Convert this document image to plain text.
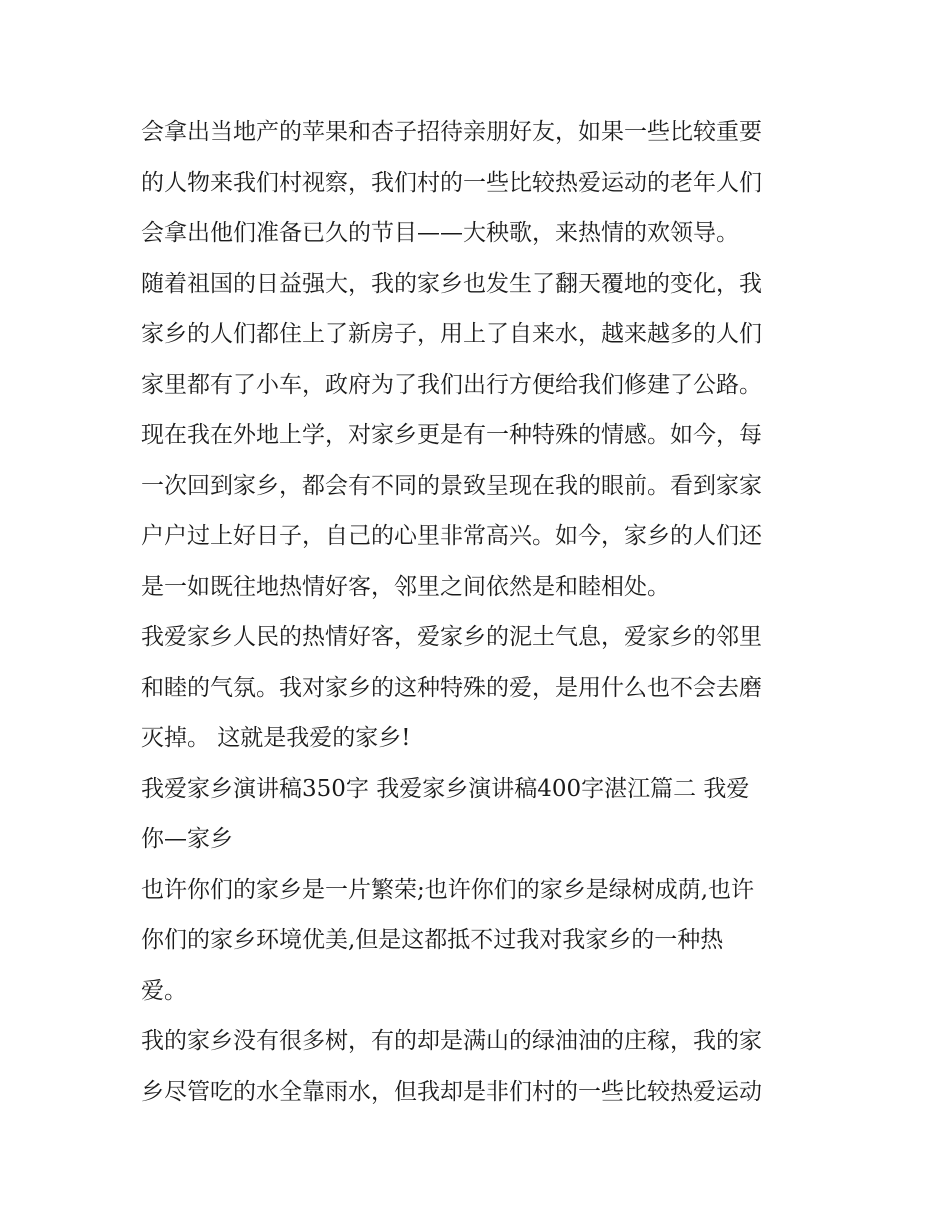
会拿出当地产的苹果和杏子招待亲朋好友，如果一些比较重要
的人物来我们村视察，我们村的一些比较热爱运动的老年人们
会拿出他们准备已久的节目——大秧歌，来热情的欢领导。
随着祖国的日益强大，我的家乡也发生了翻天覆地的变化，我
家乡的人们都住上了新房子，用上了自来水，越来越多的人们
家里都有了小车，政府为了我们出行方便给我们修建了公路。
现在我在外地上学，对家乡更是有一种特殊的情感。如今，每
一次回到家乡，都会有不同的景致呈现在我的眼前。看到家家
户户过上好日子，自己的心里非常高兴。如今，家乡的人们还
是一如既往地热情好客，邻里之间依然是和睦相处。
我爱家乡人民的热情好客，爱家乡的泥土气息，爱家乡的邻里
和睦的气氛。我对家乡的这种特殊的爱，是用什么也不会去磨
灭掉。 这就是我爱的家乡!
我爱家乡演讲稿350字 我爱家乡演讲稿400字湛江篇二 我爱
你—家乡
也许你们的家乡是一片繁荣;也许你们的家乡是绿树成荫,也许
你们的家乡环境优美,但是这都抵不过我对我家乡的一种热
爱。
我的家乡没有很多树，有的却是满山的绿油油的庄稼，我的家
乡尽管吃的水全靠雨水，但我却是非们村的一些比较热爱运动
